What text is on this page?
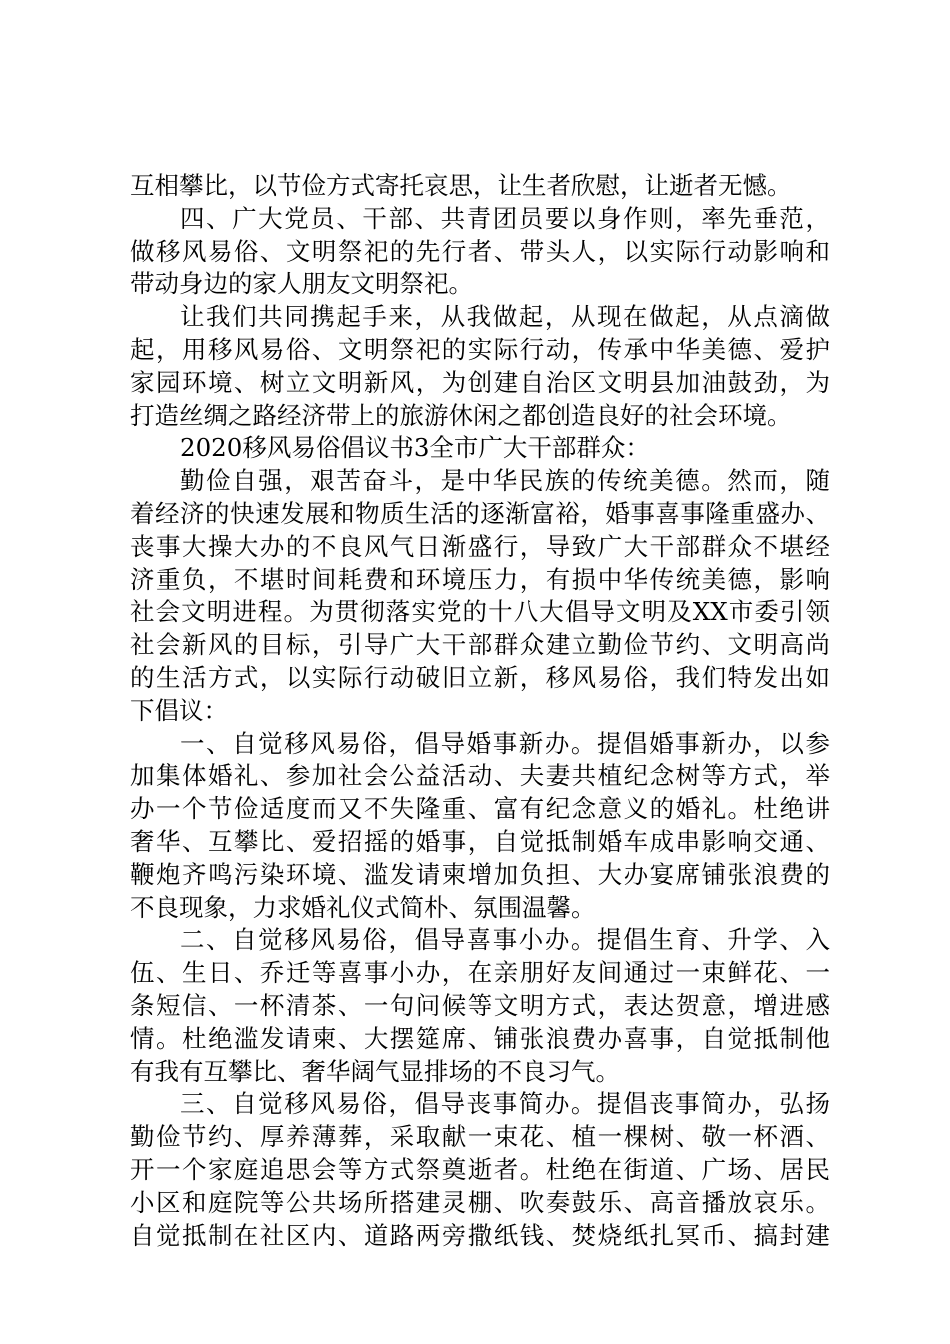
互相攀比，以节俭方式寄托哀思，让生者欣慰，让逝者无憾。
四、广大党员、干部、共青团员要以身作则，率先垂范，
做移风易俗、文明祭祀的先行者、带头人，以实际行动影响和
带动身边的家人朋友文明祭祀。
让我们共同携起手来，从我做起，从现在做起，从点滴做
起，用移风易俗、文明祭祀的实际行动，传承中华美德、爱护
家园环境、树立文明新风，为创建自治区文明县加油鼓劲，为
打造丝绸之路经济带上的旅游休闲之都创造良好的社会环境。
2020移风易俗倡议书3全市广大干部群众：
勤俭自强，艰苦奋斗，是中华民族的传统美德。然而，随
着经济的快速发展和物质生活的逐渐富裕，婚事喜事隆重盛办、
丧事大操大办的不良风气日渐盛行，导致广大干部群众不堪经
济重负，不堪时间耗费和环境压力，有损中华传统美德，影响
社会文明进程。为贯彻落实党的十八大倡导文明及XX市委引领
社会新风的目标，引导广大干部群众建立勤俭节约、文明高尚
的生活方式，以实际行动破旧立新，移风易俗，我们特发出如
下倡议：
一、自觉移风易俗，倡导婚事新办。提倡婚事新办，以参
加集体婚礼、参加社会公益活动、夫妻共植纪念树等方式，举
办一个节俭适度而又不失隆重、富有纪念意义的婚礼。杜绝讲
奢华、互攀比、爱招摇的婚事，自觉抵制婚车成串影响交通、
鞭炮齐鸣污染环境、滥发请柬增加负担、大办宴席铺张浪费的
不良现象，力求婚礼仪式简朴、氛围温馨。
二、自觉移风易俗，倡导喜事小办。提倡生育、升学、入
伍、生日、乔迁等喜事小办，在亲朋好友间通过一束鲜花、一
条短信、一杯清茶、一句问候等文明方式，表达贺意，增进感
情。杜绝滥发请柬、大摆筵席、铺张浪费办喜事，自觉抵制他
有我有互攀比、奢华阔气显排场的不良习气。
三、自觉移风易俗，倡导丧事简办。提倡丧事简办，弘扬
勤俭节约、厚养薄葬，采取献一束花、植一棵树、敬一杯酒、
开一个家庭追思会等方式祭奠逝者。杜绝在街道、广场、居民
小区和庭院等公共场所搭建灵棚、吹奏鼓乐、高音播放哀乐。
自觉抵制在社区内、道路两旁撒纸钱、焚烧纸扎冥币、搞封建
